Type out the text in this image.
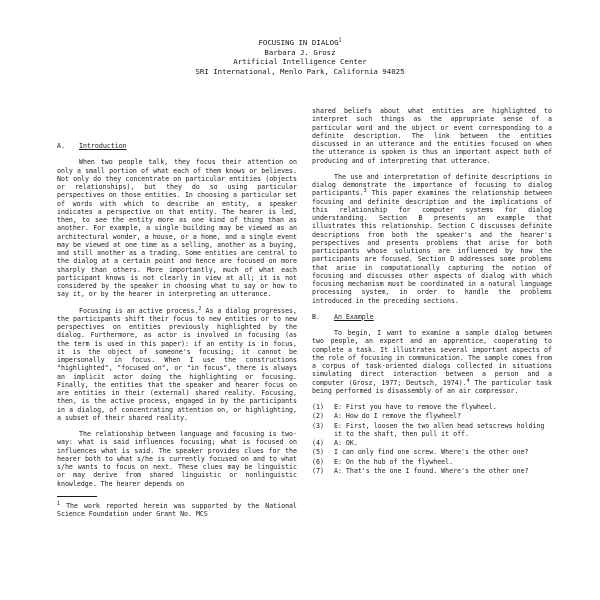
FOCUSING IN DIALOG$^1$
Barbara J. Grosz
Artificial Intelligence Center
SRI International, Menlo Park, California 94025
A. Introduction

When two people talk, they focus their attention on only a small portion of what each of them knows or believes. Not only do they concentrate on particular entities (objects or relationships), but they do so using particular perspectives on those entities. In choosing a particular set of words with which to describe an entity, a speaker indicates a perspective on that entity. The hearer is led, then, to see the entity more as one kind of thing than as another. For example, a single building may be viewed as an architectural wonder, a house, or a home, and a single event may be viewed at one time as a selling, another as a buying, and still another as a trading. Some entities are central to the dialog at a certain point and hence are focused on more sharply than others. More importantly, much of what each participant knows is not clearly in view at all; it is not considered by the speaker in choosing what to say or how to say it, or by the hearer in interpreting an utterance.

Focusing is an active process.$^2$ As a dialog progresses, the participants shift their focus to new entities or to new perspectives on entities previously highlighted by the dialog. Furthermore, as actor is involved in focusing (as the term is used in this paper): if an entity is in focus, it is the object of someone's focusing; it cannot be impersonally in focus. When I use the constructions "highlighted", "focused on", or "in focus", there is always an implicit actor doing the highlighting or focusing. Finally, the entities that the speaker and hearer focus on are entities in their (external) shared reality. Focusing, then, is the active process, engaged in by the participants in a dialog, of concentrating attention on, or highlighting, a subset of their shared reality.

The relationship between language and focusing is two-way: what is said influences focusing; what is focused on influences what is said. The speaker provides clues for the hearer both to what s/he is currently focused on and to what s/he wants to focus on next. These clues may be linguistic or may derive from shared linguistic or nonlinguistic knowledge. The hearer depends on

$^1$ The work reported herein was supported by the National Science Foundation under Grant No. MCS

shared beliefs about what entities are highlighted to interpret such things as the appropriate sense of a particular word and the object or event corresponding to a definite description. The link between the entities discussed in an utterance and the entities focused on when the utterance is spoken is thus an important aspect both of producing and of interpreting that utterance.

The use and interpretation of definite descriptions in dialog demonstrate the importance of focusing to dialog participants.$^3$ This paper examines the relationship between focusing and definite description and the implications of this relationship for computer systems for dialog understanding. Section B presents an example that illustrates this relationship. Section C discusses definite descriptions from both the speaker's and the hearer's perspectives and presents problems that arise for both participants whose solutions are influenced by how the participants are focused. Section D addresses some problems that arise in computationally capturing the notion of focusing and discusses other aspects of dialog with which focusing mechanism must be coordinated in a natural language processing system, in order to handle the problems introduced in the preceding sections.

B. An Example

To begin, I want to examine a sample dialog between two people, an expert and an apprentice, cooperating to complete a task. It illustrates several important aspects of the role of focusing in communication. The sample comes from a corpus of task-oriented dialogs collected in situations simulating direct interaction between a person and a computer (Grosz, 1977; Deutsch, 1974).$^4$ The particular task being performed is disassembly of an air compressor.

(1)	E: First you have to remove the flywheel.
(2)	A: How do I remove the flywheel?
(3)	E: First, loosen the two allen head setscrews holding it to the shaft, then pull it off.
(4)	A: OK.
(5)	I can only find one screw. Where's the other one?
(6)	E: On the hub of the flywheel.
(7)	A: That's the one I found. Where's the other one?
